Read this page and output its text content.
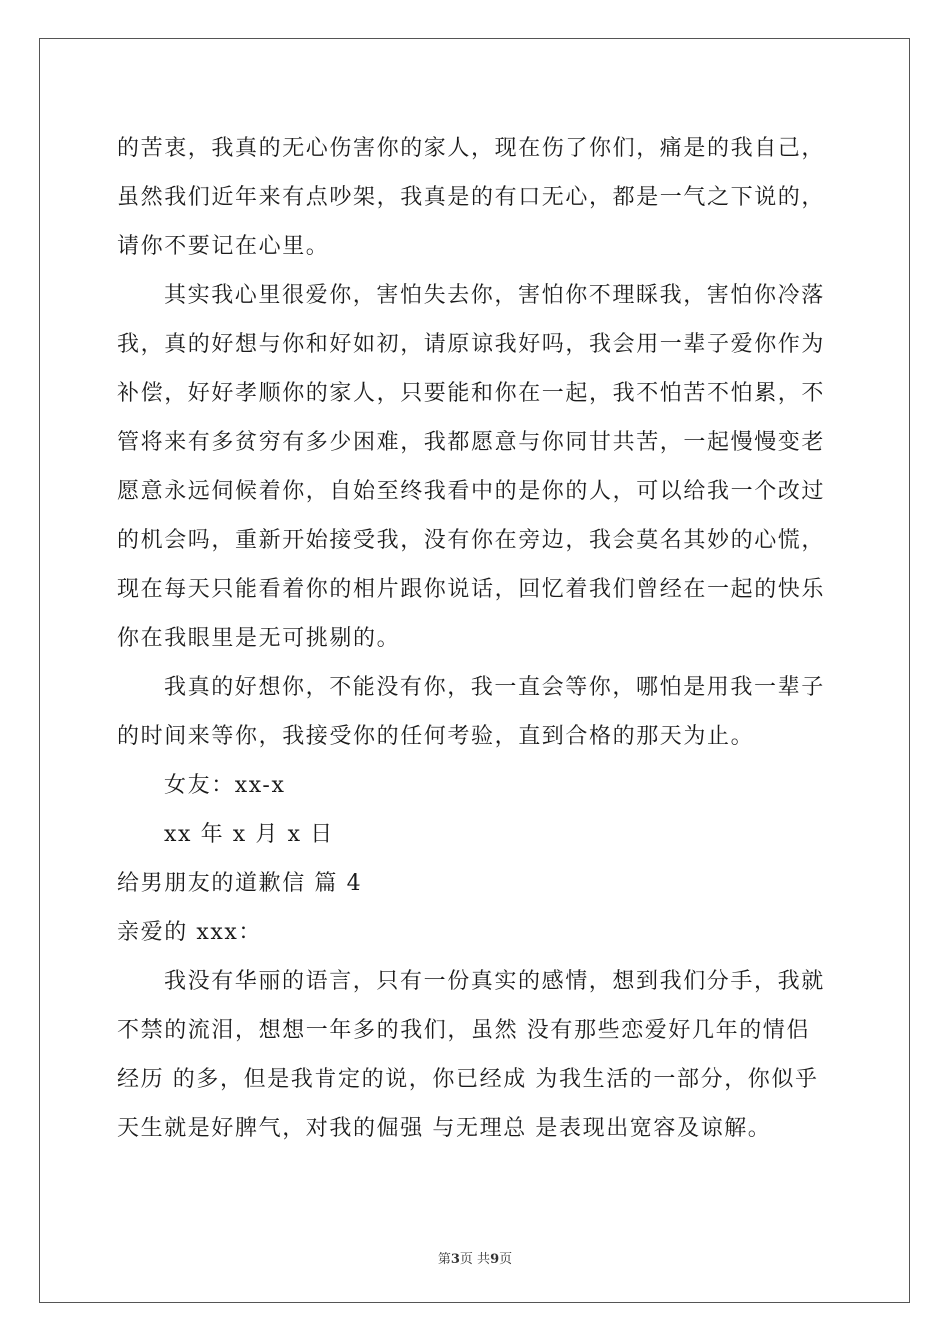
的苦衷，我真的无心伤害你的家人，现在伤了你们，痛是的我自己，
虽然我们近年来有点吵架，我真是的有口无心，都是一气之下说的，
请你不要记在心里。
其实我心里很爱你，害怕失去你，害怕你不理睬我，害怕你冷落
我，真的好想与你和好如初，请原谅我好吗，我会用一辈子爱你作为
补偿，好好孝顺你的家人，只要能和你在一起，我不怕苦不怕累，不
管将来有多贫穷有多少困难，我都愿意与你同甘共苦，一起慢慢变老
愿意永远伺候着你，自始至终我看中的是你的人，可以给我一个改过
的机会吗，重新开始接受我，没有你在旁边，我会莫名其妙的心慌，
现在每天只能看着你的相片跟你说话，回忆着我们曾经在一起的快乐
你在我眼里是无可挑剔的。
我真的好想你，不能没有你，我一直会等你，哪怕是用我一辈子
的时间来等你，我接受你的任何考验，直到合格的那天为止。
女友：xx-x
xx 年 x 月 x 日
给男朋友的道歉信 篇 4
亲爱的 xxx：
我没有华丽的语言，只有一份真实的感情，想到我们分手，我就
不禁的流泪，想想一年多的我们，虽然 没有那些恋爱好几年的情侣
经历 的多，但是我肯定的说，你已经成 为我生活的一部分，你似乎
天生就是好脾气，对我的倔强 与无理总 是表现出宽容及谅解。
第3页 共9页
